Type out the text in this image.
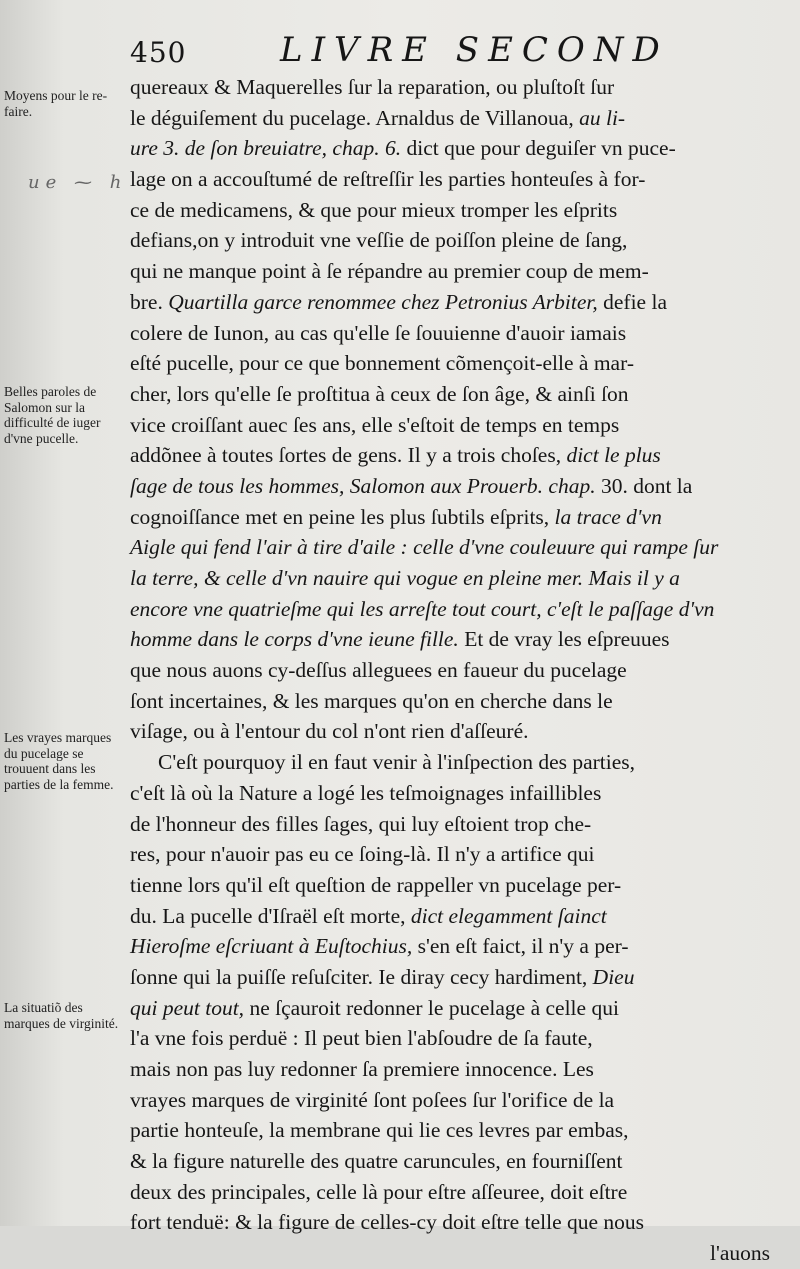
450	LIVRE SECOND
Moyens pour le re-faire.
ue ⁓ h
Belles paroles de Salomon sur la difficulté de iuger d'vne pucelle.
Les vrayes marques du pucelage se trouuent dans les parties de la femme.
La situatiõ des marques de virginité.
quereaux & Maquerelles ſur la reparation, ou pluſtoſt ſur
le déguiſement du pucelage. Arnaldus de Villanoua, au li-
ure 3. de ſon breuiatre, chap. 6. dict que pour deguiſer vn puce-
lage on a accouſtumé de reſtreſſir les parties honteuſes à for-
ce de medicamens, & que pour mieux tromper les eſprits
defians,on y introduit vne veſſie de poiſſon pleine de ſang,
qui ne manque point à ſe répandre au premier coup de mem-
bre. Quartilla garce renommee chez Petronius Arbiter, defie la
colere de Iunon, au cas qu'elle ſe ſouuienne d'auoir iamais
eſté pucelle, pour ce que bonnement cõmençoit-elle à mar-
cher, lors qu'elle ſe proſtitua à ceux de ſon âge, & ainſi ſon
vice croiſſant auec ſes ans, elle s'eſtoit de temps en temps
addõnee à toutes ſortes de gens. Il y a trois choſes, dict le plus
ſage de tous les hommes, Salomon aux Prouerb. chap. 30. dont la
cognoiſſance met en peine les plus ſubtils eſprits, la trace d'vn
Aigle qui fend l'air à tire d'aile : celle d'vne couleuure qui rampe ſur
la terre, & celle d'vn nauire qui vogue en pleine mer. Mais il y a
encore vne quatrieſme qui les arreſte tout court, c'eſt le paſſage d'vn
homme dans le corps d'vne ieune fille. Et de vray les eſpreuues
que nous auons cy-deſſus alleguees en faueur du pucelage
ſont incertaines, & les marques qu'on en cherche dans le
viſage, ou à l'entour du col n'ont rien d'aſſeuré.
C'eſt pourquoy il en faut venir à l'inſpection des parties,
c'eſt là où la Nature a logé les teſmoignages infaillibles
de l'honneur des filles ſages, qui luy eſtoient trop che-
res, pour n'auoir pas eu ce ſoing-là. Il n'y a artifice qui
tienne lors qu'il eſt queſtion de rappeller vn pucelage per-
du. La pucelle d'Iſraël eſt morte, dict elegamment ſainct
Hieroſme eſcriuant à Euſtochius, s'en eſt faict, il n'y a per-
ſonne qui la puiſſe reſuſciter. Ie diray cecy hardiment, Dieu
qui peut tout, ne ſçauroit redonner le pucelage à celle qui
l'a vne fois perduë : Il peut bien l'abſoudre de ſa faute,
mais non pas luy redonner ſa premiere innocence. Les
vrayes marques de virginité ſont poſees ſur l'orifice de la
partie honteuſe, la membrane qui lie ces levres par embas,
& la figure naturelle des quatre caruncules, en fourniſſent
deux des principales, celle là pour eſtre aſſeuree, doit eſtre
fort tenduë: & la figure de celles-cy doit eſtre telle que nous
l'auons
